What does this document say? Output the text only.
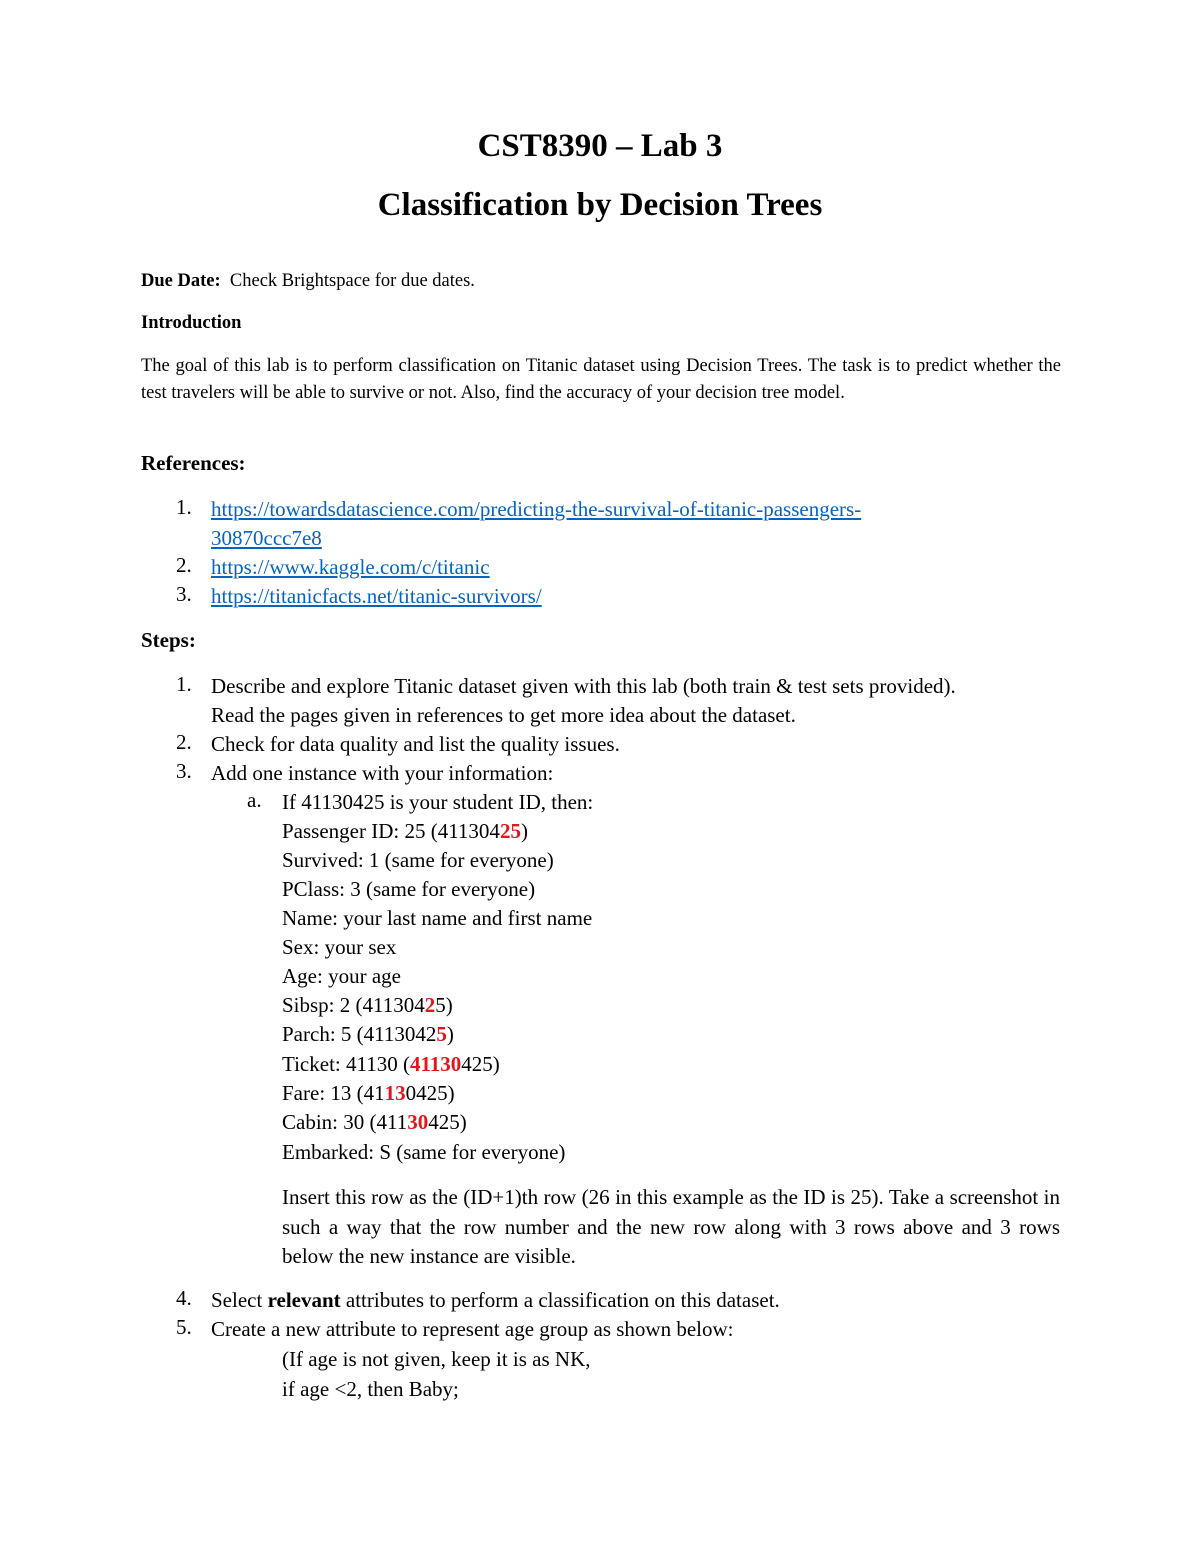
CST8390 – Lab 3
Classification by Decision Trees

Due Date: Check Brightspace for due dates.

Introduction

The goal of this lab is to perform classification on Titanic dataset using Decision Trees. The task is to predict whether the test travelers will be able to survive or not. Also, find the accuracy of your decision tree model.

References:

1. https://towardsdatascience.com/predicting-the-survival-of-titanic-passengers-
30870ccc7e8

2. https://www.kaggle.com/c/titanic

3. https://titanicfacts.net/titanic-survivors/

Steps:

1. Describe and explore Titanic dataset given with this lab (both train & test sets provided).
Read the pages given in references to get more idea about the dataset.

2. Check for data quality and list the quality issues.

3. Add one instance with your information:

a. If 41130425 is your student ID, then:

Passenger ID: 25 (41130425)

Survived: 1 (same for everyone)

PClass: 3 (same for everyone)

Name: your last name and first name

Sex: your sex

Age: your age

Sibsp: 2 (41130425)

Parch: 5 (41130425)

Ticket: 41130 (41130425)

Fare: 13 (41130425)

Cabin: 30 (41130425)

Embarked: S (same for everyone)

Insert this row as the (ID+1)th row (26 in this example as the ID is 25). Take a screenshot in such a way that the row number and the new row along with 3 rows above and 3 rows below the new instance are visible.

4. Select relevant attributes to perform a classification on this dataset.

5. Create a new attribute to represent age group as shown below:

(If age is not given, keep it is as NK,

if age <2, then Baby;
